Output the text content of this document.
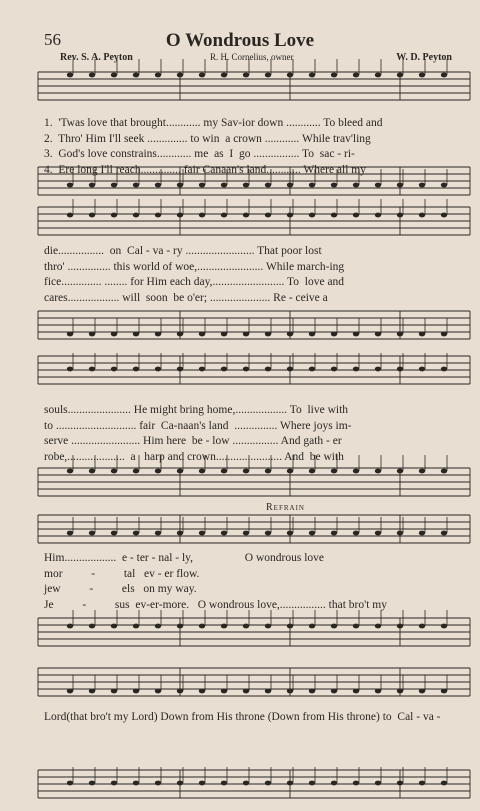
56	O Wondrous Love
Rev. S. A. Peyton	R. H. Cornelius, owner	W. D. Peyton
1.  'Twas love that brought............ my Sav-ior down ............ To bleed and
2.  Thro' Him I'll seek .............. to win  a crown ............ While trav'ling
3.  God's love constrains............ me  as  I  go ................ To  sac - ri-
4.  Ere long I'll reach.............. fair Canaan's land............ Where all my
die................  on  Cal - va - ry ........................ That poor lost
thro' ............... this world of woe,....................... While march-ing
fice.............. ........ for Him each day,......................... To  love and
cares.................. will  soon  be o'er; ..................... Re - ceive a
souls...................... He might bring home,.................. To  live with
to ............................ fair  Ca-naan's land  ............... Where joys im-
serve ........................ Him here  be - low ................ And gath - er
robe,....................  a   harp and crown....................... And  be with
Him..................  e - ter - nal - ly,                  O wondrous love
mor          -          tal   ev - er flow.
jew          -          els   on my way.
Je          -          sus  ev-er-more.   O wondrous love,................ that bro't my
Lord(that bro't my Lord) Down from His throne (Down from His throne) to  Cal - va -
Refrain
